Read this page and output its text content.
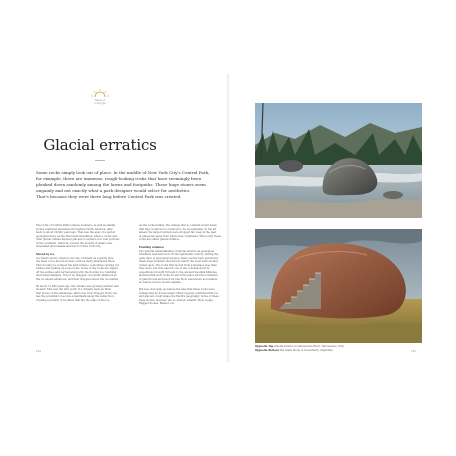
Name of
rock type
Glacial erratics
Some rocks simply look out of place. In the middle of New York City's Central Park,
for example, there are immense, rough-looking rocks that have seemingly been
plonked down randomly among the lawns and footpaths. These huge stones seem
ungainly and not exactly what a park designer would select for aesthetics.
That's because they were there long before Central Park was created.
The rocks of Central Park's unique boulders, as well as similar
stones scattered elsewhere throughout North America, date
back to about 20,000 years ago. That was the apex of a period
geologists know as the Wisconsin Glaciation, when a cooler and
drier global climate allowed glaciers to expand over vast portions
of the continent. Glaciers covered the mouths of what's now
Greenland and Canada and much of New York City.

Moved by ice
Ice sheets slowly crawled over the continent as a gently flow-
ing mass of ice and snow that could be many kilometres thick.
That moving ice scraped the land surface, sometimes carving out
valleys and picking up loose rocks. Some of the rocks are ripped
off the surface and carried along with the flowing ice, tumbling
and being reshaped. They'd be dragged over great distances as
the ice sheets advanced, and then dropped where the ice melted.

By about 12,000 years ago, the climate was growing warmer and
moister. This was the turn point: If a climatic back-up finds
that grows on the landscape, that loose rock dropped. Each one
has the potential to become a landmark along the valley floor,
creating a pattern of boulders that fits the edge of the ice.
As the rocks tumble, the change that is constant would mean
that they would be too reduced to be recognizable. In the art
ahead, the large boulders were dropped far, deep in the past
in places far away from where they originated. This is why these
rocks are called glacial erratics.

Puzzling evidence
The general understanding of glacial erratics as geological
travellers was hard won. In the eighteenth century, during the
early days of geological science, many people were puzzled by
these huge boulders that did not match the local bedrock that
rested upon. The rocks that moved from someplace else than
they were, but this was not one of the conclusions from
expeditions brought through to the ancient Swedish hillsides,
showing that such rocks lie about the place and the formation
of giant floods and much its tide Rock was known as boulders
as well as a more recent capable.

But less obviously, as well as the idea that these rocks were
transported by frozen water: Other regions confirmed that ice
and glaciers could shape the Earth's geography. Some of these
huge stones, however, are so storied: smaller, Rock Ledge,
Ragged Stones, Bennet, etc.
194
Opposite Top Glacial erratics in Yellowstone River, Yellowstone, USA
Opposite Bottom The Giant Stone of Gooseberry, Argentina	195
